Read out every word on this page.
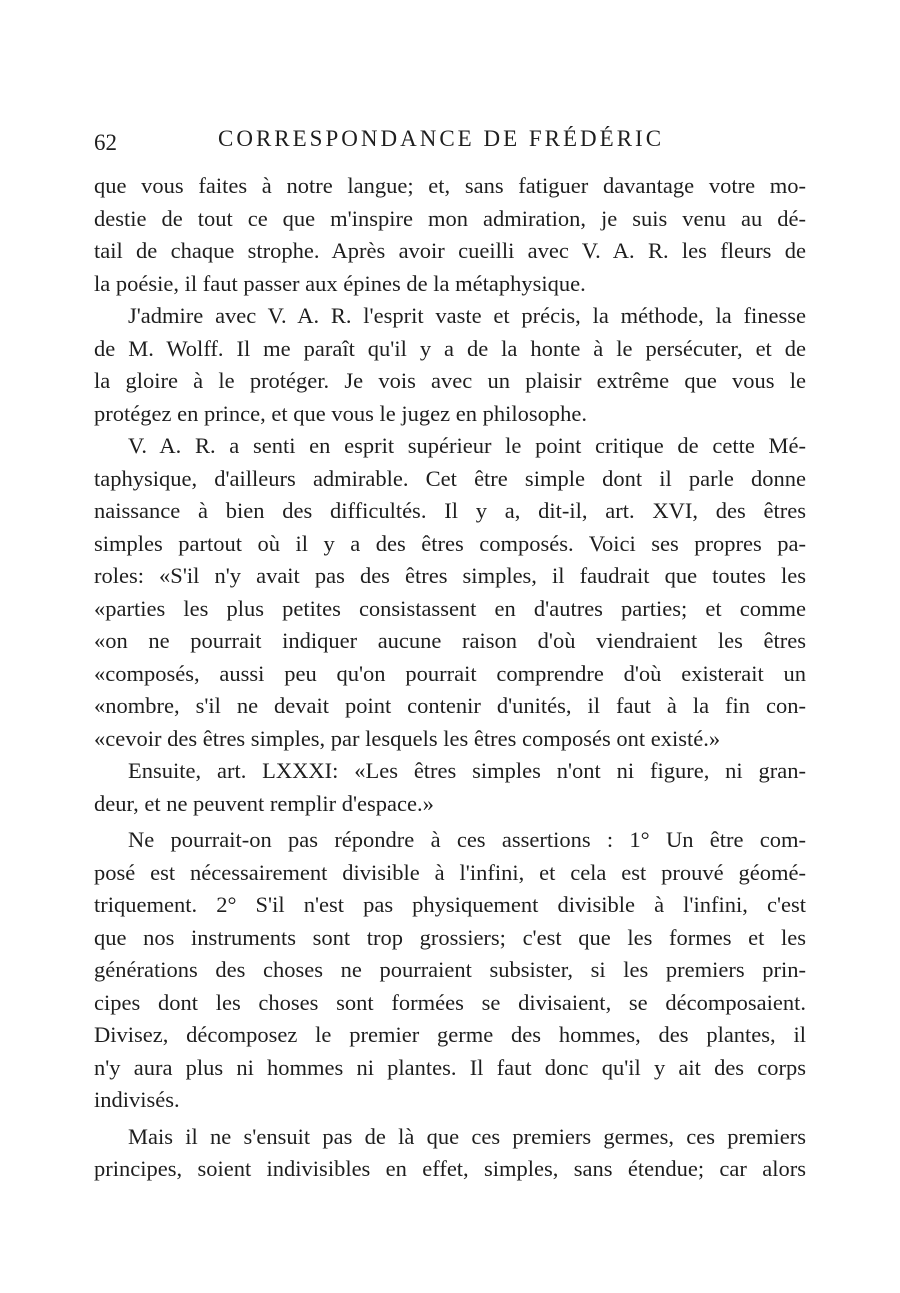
62	CORRESPONDANCE DE FRÉDÉRIC
que vous faites à notre langue; et, sans fatiguer davantage votre mo-
destie de tout ce que m'inspire mon admiration, je suis venu au dé-
tail de chaque strophe. Après avoir cueilli avec V. A. R. les fleurs de
la poésie, il faut passer aux épines de la métaphysique.
J'admire avec V. A. R. l'esprit vaste et précis, la méthode, la finesse
de M. Wolff. Il me paraît qu'il y a de la honte à le persécuter, et de
la gloire à le protéger. Je vois avec un plaisir extrême que vous le
protégez en prince, et que vous le jugez en philosophe.
V. A. R. a senti en esprit supérieur le point critique de cette Mé-
taphysique, d'ailleurs admirable. Cet être simple dont il parle donne
naissance à bien des difficultés. Il y a, dit-il, art. XVI, des êtres
simples partout où il y a des êtres composés. Voici ses propres pa-
roles: «S'il n'y avait pas des êtres simples, il faudrait que toutes les
«parties les plus petites consistassent en d'autres parties; et comme
«on ne pourrait indiquer aucune raison d'où viendraient les êtres
«composés, aussi peu qu'on pourrait comprendre d'où existerait un
«nombre, s'il ne devait point contenir d'unités, il faut à la fin con-
«cevoir des êtres simples, par lesquels les êtres composés ont existé.»
Ensuite, art. LXXXI: «Les êtres simples n'ont ni figure, ni gran-
deur, et ne peuvent remplir d'espace.»
Ne pourrait-on pas répondre à ces assertions : 1° Un être com-
posé est nécessairement divisible à l'infini, et cela est prouvé géomé-
triquement. 2° S'il n'est pas physiquement divisible à l'infini, c'est
que nos instruments sont trop grossiers; c'est que les formes et les
générations des choses ne pourraient subsister, si les premiers prin-
cipes dont les choses sont formées se divisaient, se décomposaient.
Divisez, décomposez le premier germe des hommes, des plantes, il
n'y aura plus ni hommes ni plantes. Il faut donc qu'il y ait des corps
indivisés.
Mais il ne s'ensuit pas de là que ces premiers germes, ces premiers
principes, soient indivisibles en effet, simples, sans étendue; car alors
